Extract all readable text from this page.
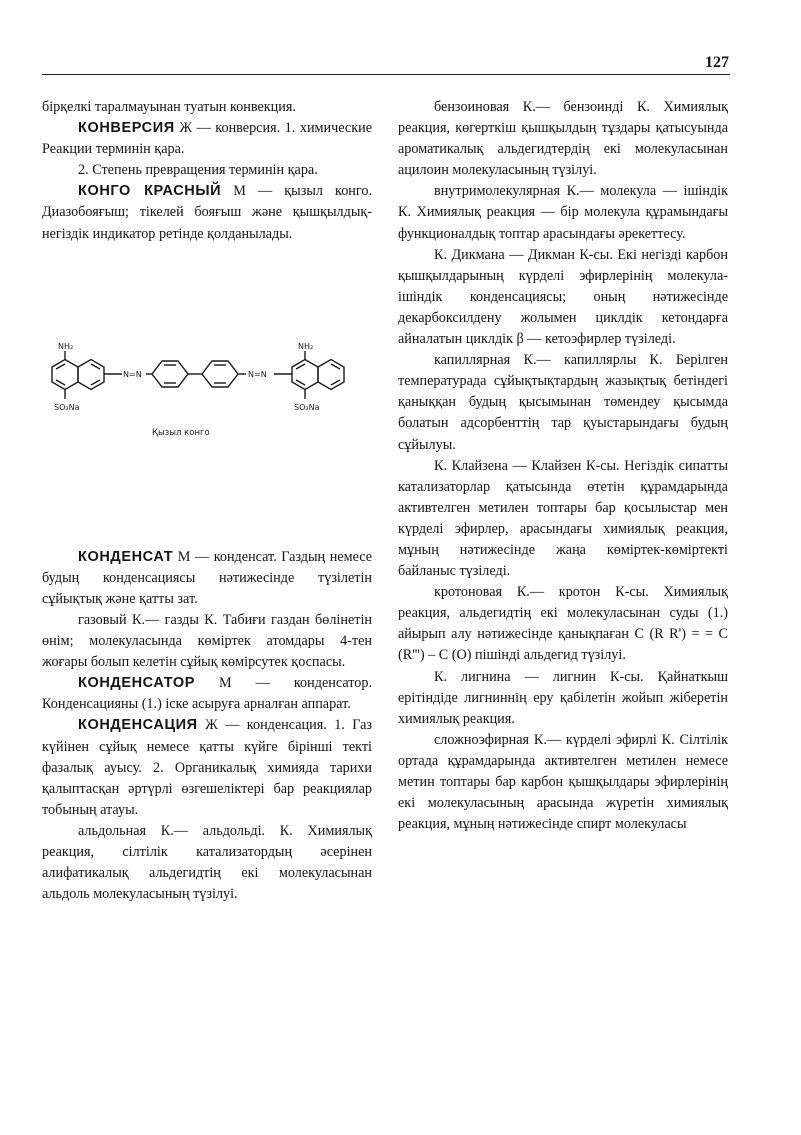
127

бірқелкі таралмауынан туатын конвекция.

КОНВЕРСИЯ Ж — конверсия. 1. химические Реакции терминін қара.

2. Степень превращения терминін қара.

КОНГО КРАСНЫЙ М — қызыл конго. Диазобояғыш; тікелей бояғыш және қышқылдық-негіздік индикатор ретінде қолданылады.

NH₂
SO₃Na
N=N	N=N
NH₂
SO₃Na
Қызыл конго

КОНДЕНСАТ М — конденсат. Газдың немесе будың конденсациясы нәтижесінде түзілетін сұйықтық және қатты зат.

газовый К.— газды К. Табиғи газдан бөлінетін өнім; молекуласында көміртек атомдары 4-тен жоғары болып келетін сұйық көмірсутек қоспасы.

КОНДЕНСАТОР М — конденсатор. Конденсацияны (1.) іске асыруға арналған аппарат.

КОНДЕНСАЦИЯ Ж — конденсация. 1. Газ күйінен сұйық немесе қатты күйге бірінші текті фазалық ауысу. 2. Органикалық химияда тарихи қалыптасқан әртүрлі өзгешеліктері бар реакциялар тобының атауы.

альдольная К.— альдольді. К. Химиялық реакция, сілтілік катализатордың әсерінен алифатикалық альдегидтің екі молекуласынан альдоль молекуласының түзілуі.

бензоиновая К.— бензоинді К. Химиялық реакция, көгерткіш қышқылдың тұздары қатысуында ароматикалық альдегидтердің екі молекуласынан ацилоин молекуласының түзілуі.

внутримолекулярная К.— молекула — ішіндік К. Химиялық реакция — бір молекула құрамындағы функционалдық топтар арасындағы әрекеттесу.

К. Дикмана — Дикман К-сы. Екі негізді карбон қышқылдарының күрделі эфирлерінің молекула-ішіндік конденсациясы; оның нәтижесінде декарбоксилдену жолымен циклдік кетондарға айналатын циклдік β — кетоэфирлер түзіледі.

капиллярная К.— капиллярлы К. Берілген температурада сұйықтықтардың жазықтық бетіндегі қаныққан будың қысымынан төмендеу қысымда болатын адсорбенттің тар қуыстарындағы будың сұйылуы.

К. Клайзена — Клайзен К-сы. Негіздік сипатты катализаторлар қатысында өтетін құрамдарында активтелген метилен топтары бар қосылыстар мен күрделі эфирлер, арасындағы химиялық реакция, мұның нәтижесінде жаңа көміртек-көміртекті байланыс түзіледі.

кротоновая К.— кротон К-сы. Химиялық реакция, альдегидтің екі молекуласынан суды (1.) айырып алу нәтижесінде қанықпаған C (R R') = = C (R''') – C (O) пішінді альдегид түзілуі.

К. лигнина — лигнин К-сы. Қайнаткыш ерітіндіде лигниннің еру қабілетін жойып жіберетін химиялық реакция.

сложноэфирная К.— күрделі эфирлі К. Сілтілік ортада құрамдарында активтелген метилен немесе метин топтары бар карбон қышқылдары эфирлерінің екі молекуласының арасында жүретін химиялық реакция, мұның нәтижесінде спирт молекуласы
